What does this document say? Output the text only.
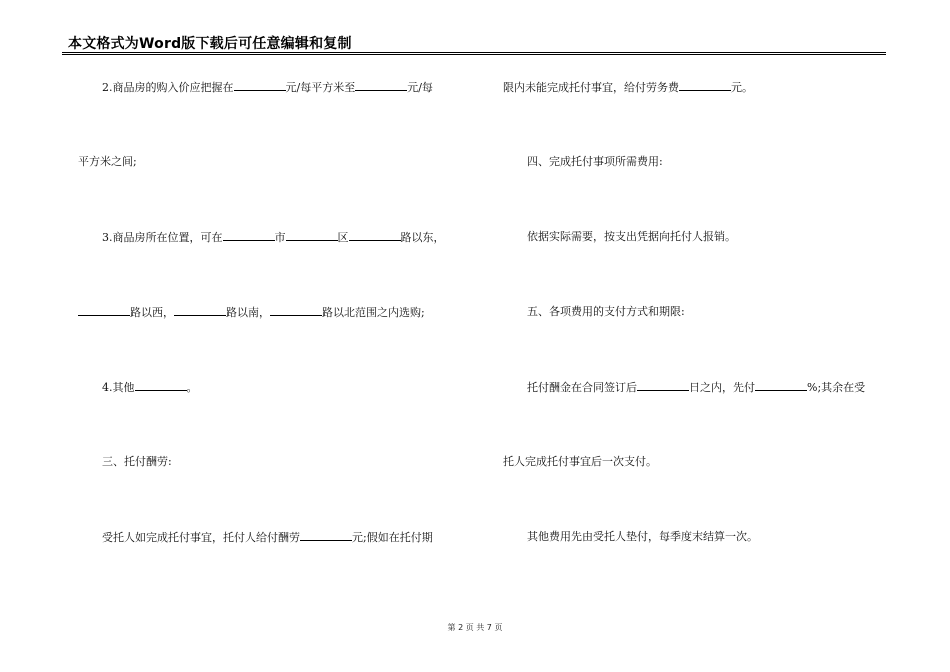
本文格式为Word版下载后可任意编辑和复制
2.商品房的购入价应把握在	元/每平方米至	元/每
平方米之间;
3.商品房所在位置，可在	市	区	路以东，
路以西，	路以南，	路以北范围之内选购;
4.其他	。
三、托付酬劳:
受托人如完成托付事宜，托付人给付酬劳	元;假如在托付期
限内未能完成托付事宜，给付劳务费	元。
四、完成托付事项所需费用:
依据实际需要，按支出凭据向托付人报销。
五、各项费用的支付方式和期限:
托付酬金在合同签订后	日之内，先付	%;其余在受
托人完成托付事宜后一次支付。
其他费用先由受托人垫付，每季度末结算一次。
第 2 页 共 7 页
